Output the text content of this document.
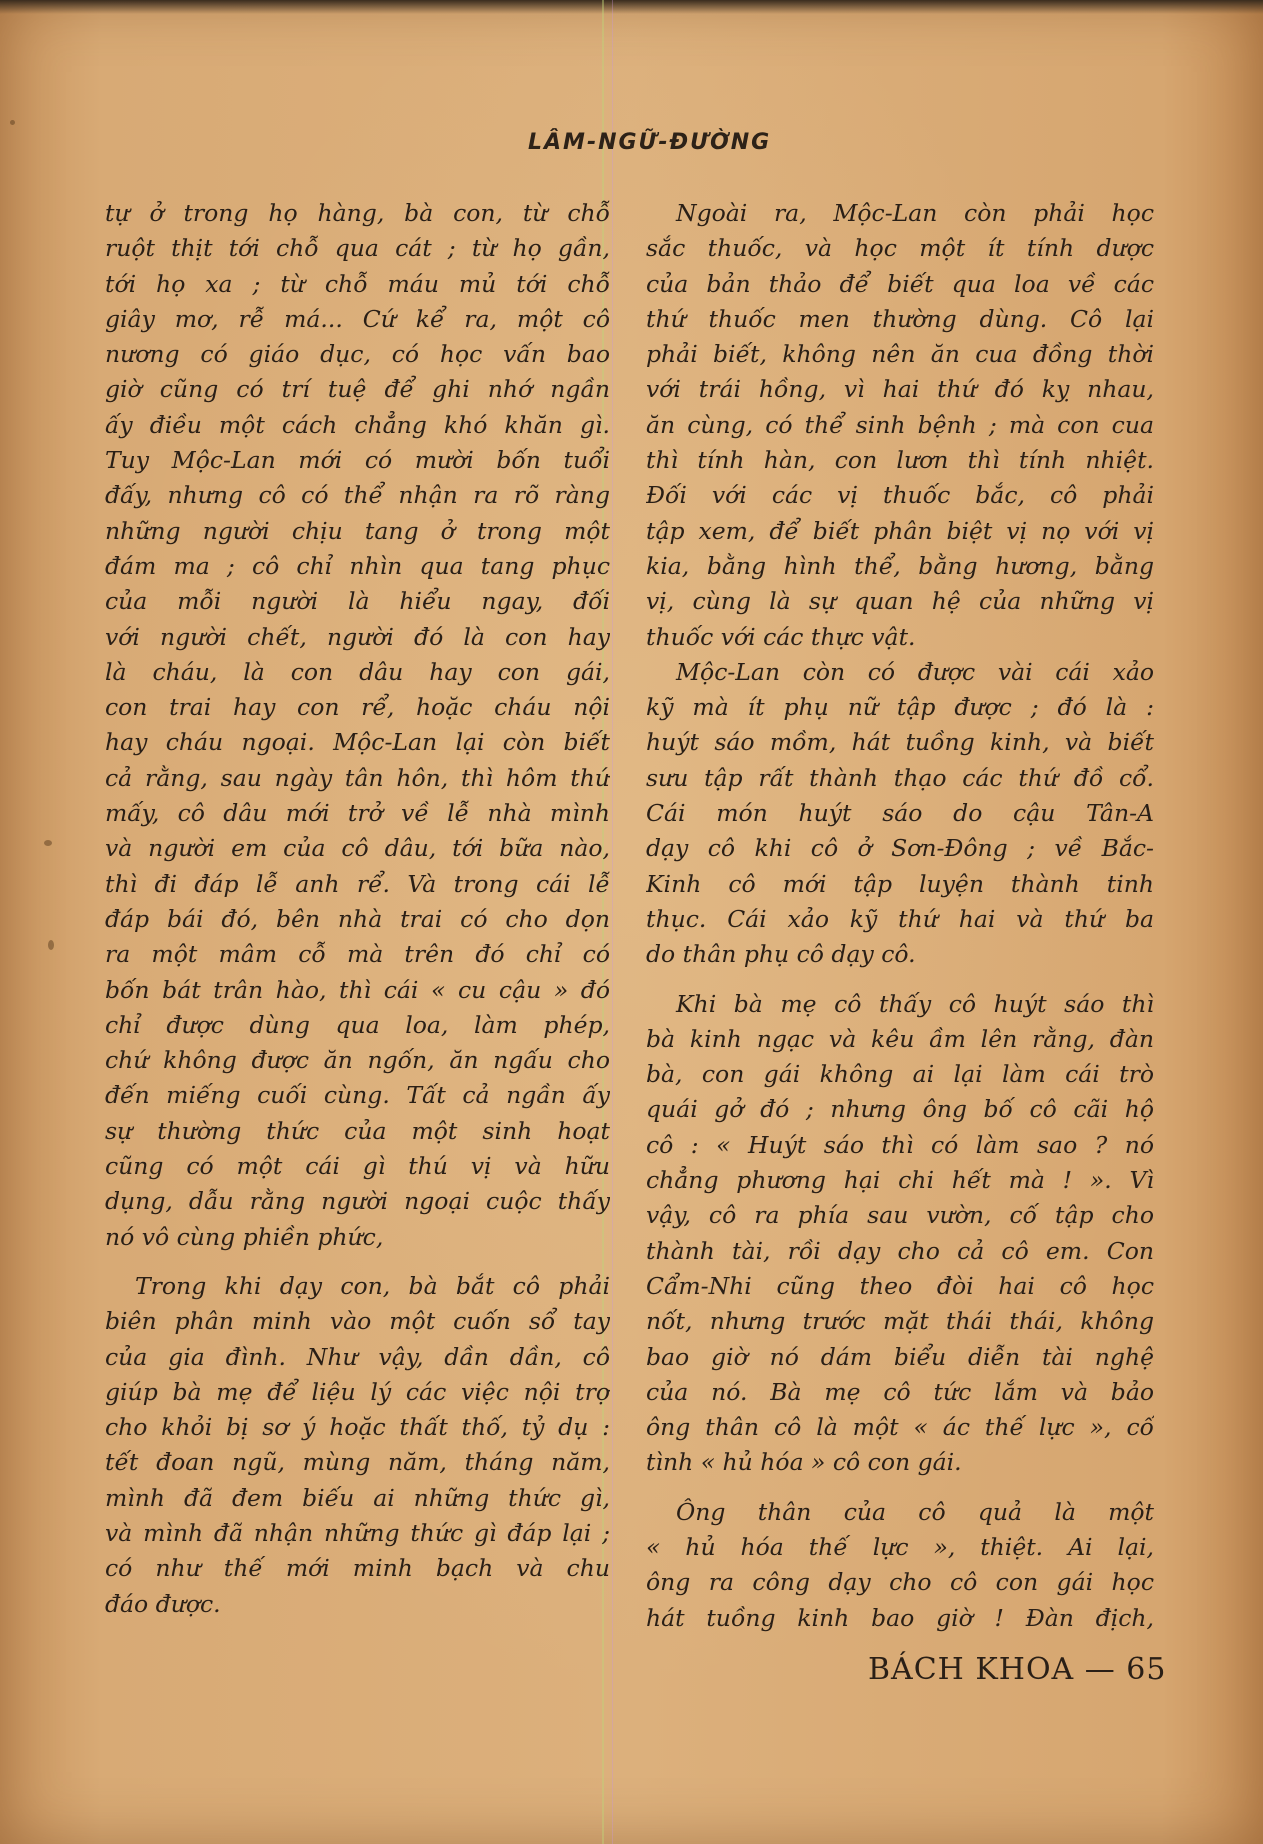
LÂM-NGỮ-ĐƯỜNG
tự ở trong họ hàng, bà con, từ chỗ
ruột thịt tới chỗ qua cát ; từ họ gần,
tới họ xa ; từ chỗ máu mủ tới chỗ
giây mơ, rễ má... Cứ kể ra, một cô
nương có giáo dục, có học vấn bao
giờ cũng có trí tuệ để ghi nhớ ngần
ấy điều một cách chẳng khó khăn gì.
Tuy Mộc-Lan mới có mười bốn tuổi
đấy, nhưng cô có thể nhận ra rõ ràng
những người chịu tang ở trong một
đám ma ; cô chỉ nhìn qua tang phục
của mỗi người là hiểu ngay, đối
với người chết, người đó là con hay
là cháu, là con dâu hay con gái,
con trai hay con rể, hoặc cháu nội
hay cháu ngoại. Mộc-Lan lại còn biết
cả rằng, sau ngày tân hôn, thì hôm thứ
mấy, cô dâu mới trở về lễ nhà mình
và người em của cô dâu, tới bữa nào,
thì đi đáp lễ anh rể. Và trong cái lễ
đáp bái đó, bên nhà trai có cho dọn
ra một mâm cỗ mà trên đó chỉ có
bốn bát trân hào, thì cái « cu cậu » đó
chỉ được dùng qua loa, làm phép,
chứ không được ăn ngốn, ăn ngấu cho
đến miếng cuối cùng. Tất cả ngần ấy
sự thường thức của một sinh hoạt
cũng có một cái gì thú vị và hữu
dụng, dẫu rằng người ngoại cuộc thấy
nó vô cùng phiền phức,
Trong khi dạy con, bà bắt cô phải
biên phân minh vào một cuốn sổ tay
của gia đình. Như vậy, dần dần, cô
giúp bà mẹ để liệu lý các việc nội trợ
cho khỏi bị sơ ý hoặc thất thố, tỷ dụ :
tết đoan ngũ, mùng năm, tháng năm,
mình đã đem biếu ai những thức gì,
và mình đã nhận những thức gì đáp lại ;
có như thế mới minh bạch và chu
đáo được.
Ngoài ra, Mộc-Lan còn phải học
sắc thuốc, và học một ít tính dược
của bản thảo để biết qua loa về các
thứ thuốc men thường dùng. Cô lại
phải biết, không nên ăn cua đồng thời
với trái hồng, vì hai thứ đó kỵ nhau,
ăn cùng, có thể sinh bệnh ; mà con cua
thì tính hàn, con lươn thì tính nhiệt.
Đối với các vị thuốc bắc, cô phải
tập xem, để biết phân biệt vị nọ với vị
kia, bằng hình thể, bằng hương, bằng
vị, cùng là sự quan hệ của những vị
thuốc với các thực vật.
Mộc-Lan còn có được vài cái xảo
kỹ mà ít phụ nữ tập được ; đó là :
huýt sáo mồm, hát tuồng kinh, và biết
sưu tập rất thành thạo các thứ đồ cổ.
Cái món huýt sáo do cậu Tân-A
dạy cô khi cô ở Sơn-Đông ; về Bắc-
Kinh cô mới tập luyện thành tinh
thục. Cái xảo kỹ thứ hai và thứ ba
do thân phụ cô dạy cô.
Khi bà mẹ cô thấy cô huýt sáo thì
bà kinh ngạc và kêu ầm lên rằng, đàn
bà, con gái không ai lại làm cái trò
quái gở đó ; nhưng ông bố cô cãi hộ
cô : « Huýt sáo thì có làm sao ? nó
chẳng phương hại chi hết mà ! ». Vì
vậy, cô ra phía sau vườn, cố tập cho
thành tài, rồi dạy cho cả cô em. Con
Cẩm-Nhi cũng theo đòi hai cô học
nốt, nhưng trước mặt thái thái, không
bao giờ nó dám biểu diễn tài nghệ
của nó. Bà mẹ cô tức lắm và bảo
ông thân cô là một « ác thế lực », cố
tình « hủ hóa » cô con gái.
Ông thân của cô quả là một
« hủ hóa thế lực », thiệt. Ai lại,
ông ra công dạy cho cô con gái học
hát tuồng kinh bao giờ ! Đàn địch,
BÁCH KHOA — 65
